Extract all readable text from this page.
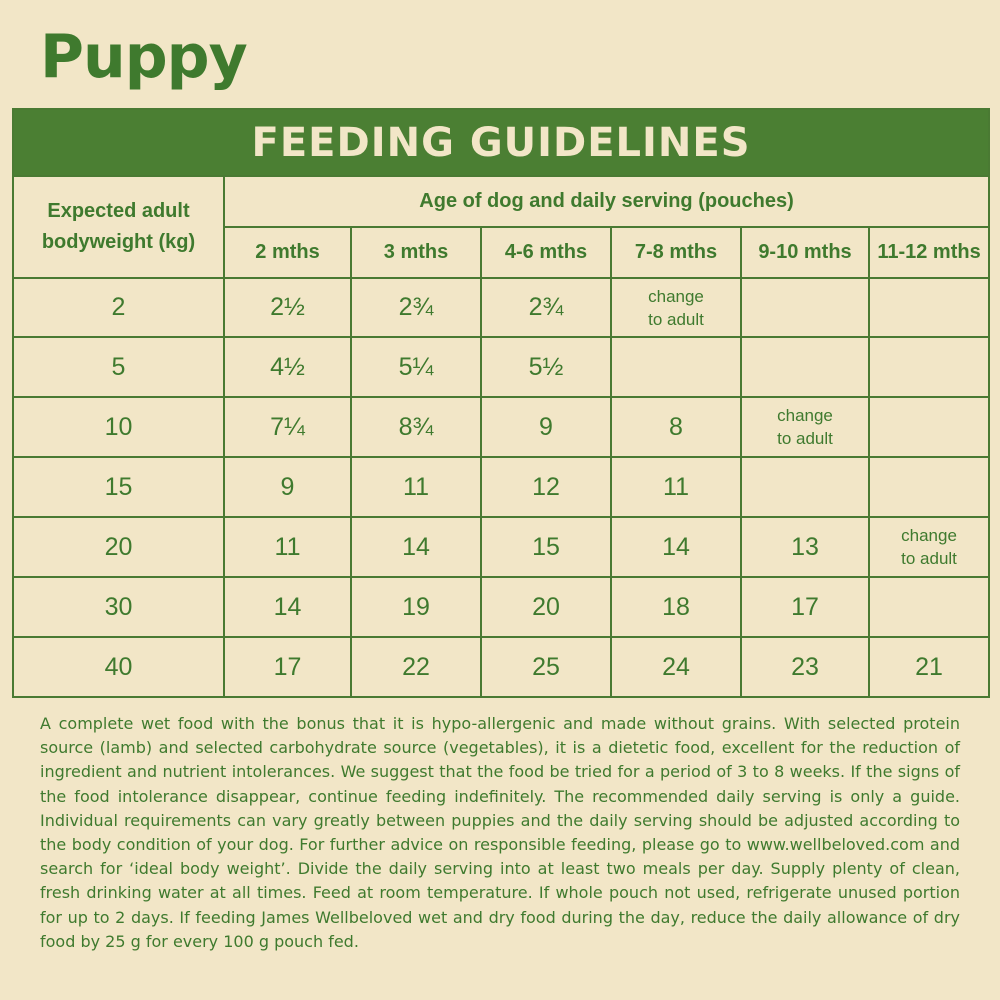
Puppy
FEEDING GUIDELINES						
Expected adult
bodyweight (kg)	Age of dog and daily serving (pouches)					
	2 mths	3 mths	4-6 mths	7-8 mths	9-10 mths	11-12 mths
2	2½	2¾	2¾	change
to adult		
5	4½	5¼	5½			
10	7¼	8¾	9	8	change
to adult	
15	9	11	12	11		
20	11	14	15	14	13	change
to adult
30	14	19	20	18	17	
40	17	22	25	24	23	21

A complete wet food with the bonus that it is hypo-allergenic and made without grains. With selected protein source (lamb) and selected carbohydrate source (vegetables), it is a dietetic food, excellent for the reduction of ingredient and nutrient intolerances. We suggest that the food be tried for a period of 3 to 8 weeks. If the signs of the food intolerance disappear, continue feeding indefinitely. The recommended daily serving is only a guide. Individual requirements can vary greatly between puppies and the daily serving should be adjusted according to the body condition of your dog. For further advice on responsible feeding, please go to www.wellbeloved.com and search for ‘ideal body weight’. Divide the daily serving into at least two meals per day. Supply plenty of clean, fresh drinking water at all times. Feed at room temperature. If whole pouch not used, refrigerate unused portion for up to 2 days. If feeding James Wellbeloved wet and dry food during the day, reduce the daily allowance of dry food by 25 g for every 100 g pouch fed.
